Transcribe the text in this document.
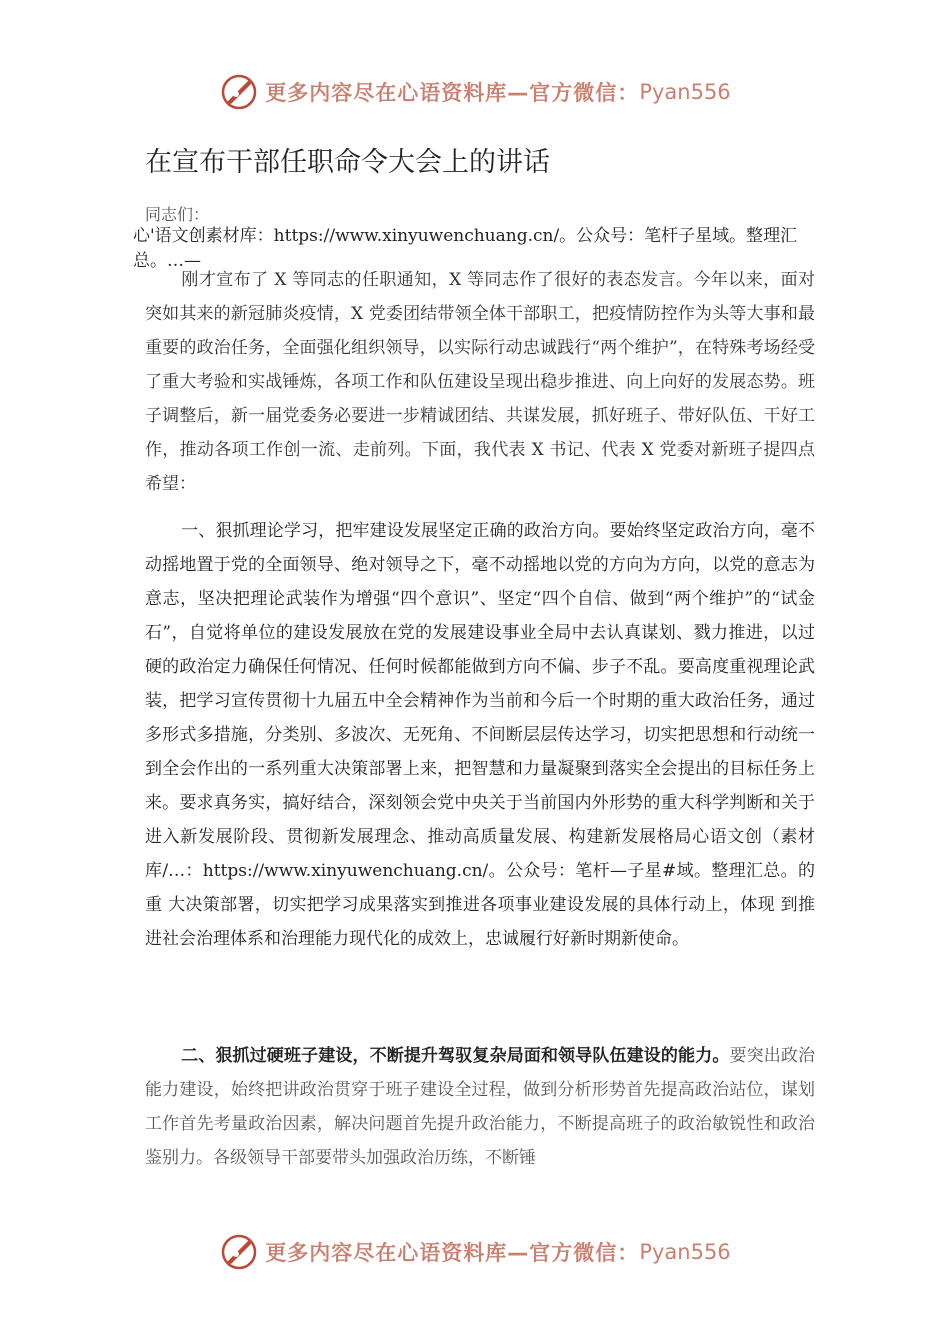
更多内容尽在心语资料库—官方微信： Pyan556
在宣布干部任职命令大会上的讲话
同志们：
心'语文创素材库：https://www.xinyuwenchuang.cn/。公众号：笔杆子星域。整理汇总。…—
刚才宣布了 X 等同志的任职通知，X 等同志作了很好的表态发言。今年以来，面对突如其来的新冠肺炎疫情，X 党委团结带领全体干部职工，把疫情防控作为头等大事和最重要的政治任务，全面强化组织领导，以实际行动忠诚践行“两个维护”，在特殊考场经受了重大考验和实战锤炼，各项工作和队伍建设呈现出稳步推进、向上向好的发展态势。班子调整后，新一届党委务必要进一步精诚团结、共谋发展，抓好班子、带好队伍、干好工作，推动各项工作创一流、走前列。下面，我代表 X 书记、代表 X 党委对新班子提四点希望：
一、狠抓理论学习，把牢建设发展坚定正确的政治方向。要始终坚定政治方向，毫不动摇地置于党的全面领导、绝对领导之下，毫不动摇地以党的方向为方向，以党的意志为意志，坚决把理论武装作为增强“四个意识”、坚定“四个自信、做到“两个维护”的“试金石”，自觉将单位的建设发展放在党的发展建设事业全局中去认真谋划、戮力推进，以过硬的政治定力确保任何情况、任何时候都能做到方向不偏、步子不乱。要高度重视理论武装，把学习宣传贯彻十九届五中全会精神作为当前和今后一个时期的重大政治任务，通过多形式多措施，分类别、多波次、无死角、不间断层层传达学习，切实把思想和行动统一到全会作出的一系列重大决策部署上来，把智慧和力量凝聚到落实全会提出的目标任务上来。要求真务实，搞好结合，深刻领会党中央关于当前国内外形势的重大科学判断和关于进入新发展阶段、贯彻新发展理念、推动高质量发展、构建新发展格局心语文创（素材库/…：https://www.xinyuwenchuang.cn/。公众号：笔杆—子星#域。整理汇总。的重 大决策部署，切实把学习成果落实到推进各项事业建设发展的具体行动上，体现 到推进社会治理体系和治理能力现代化的成效上，忠诚履行好新时期新使命。
二、狠抓过硬班子建设，不断提升驾驭复杂局面和领导队伍建设的能力。要突出政治能力建设，始终把讲政治贯穿于班子建设全过程，做到分析形势首先提高政治站位，谋划工作首先考量政治因素，解决问题首先提升政治能力，不断提高班子的政治敏锐性和政治鉴别力。各级领导干部要带头加强政治历练，不断锤
更多内容尽在心语资料库—官方微信： Pyan556
